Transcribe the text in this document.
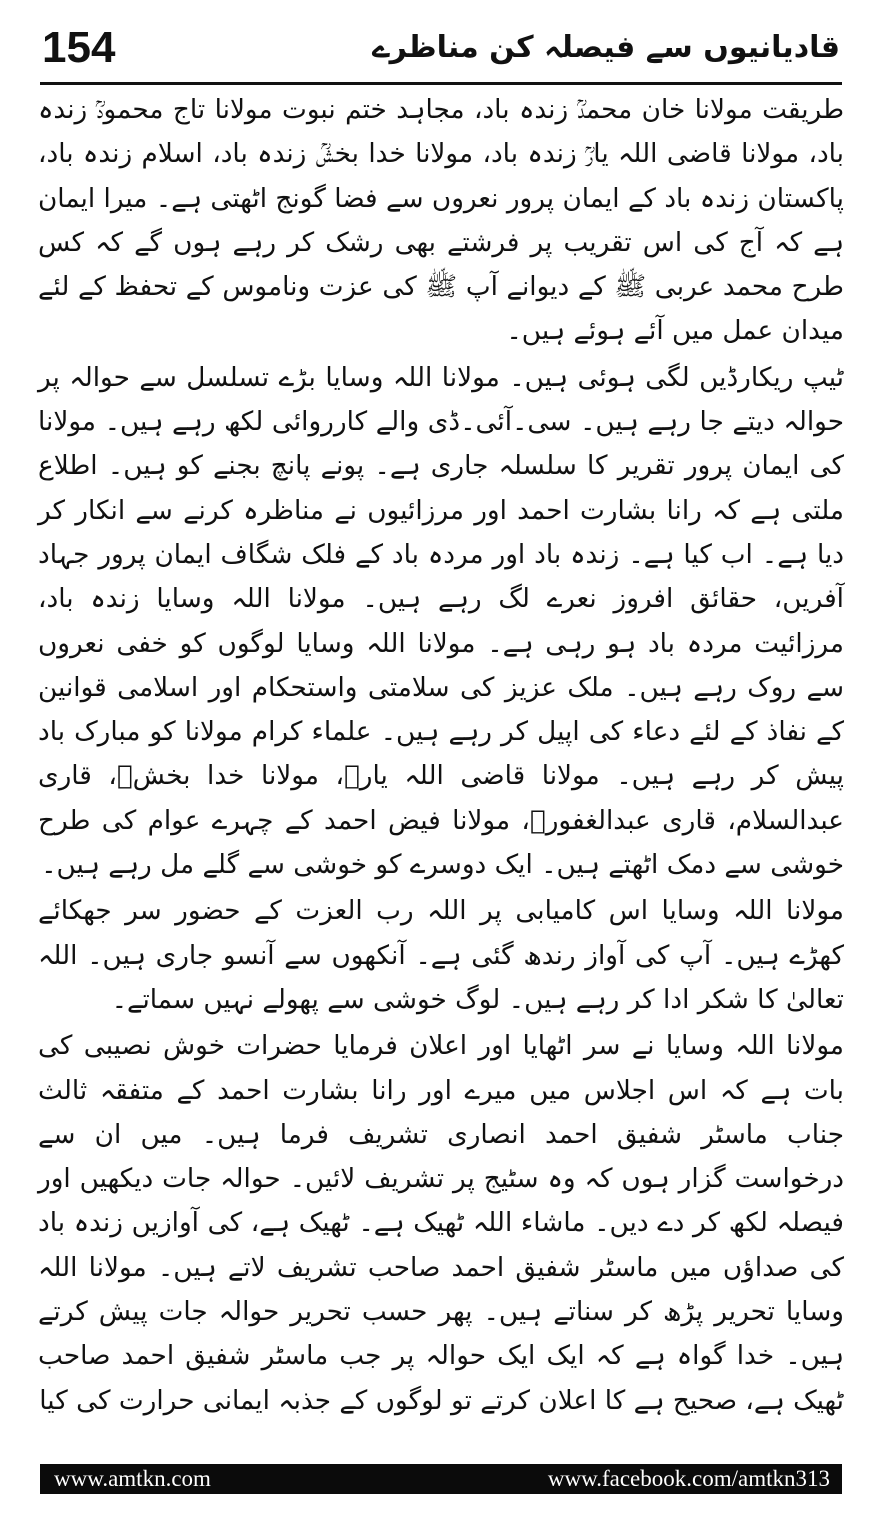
154	قادیانیوں سے فیصلہ کن مناظرے

طریقت مولانا خان محمدؒ زندہ باد، مجاہد ختم نبوت مولانا تاج محمودؒ زندہ باد، مولانا قاضی اللہ یارؒ زندہ باد، مولانا خدا بخشؒ زندہ باد، اسلام زندہ باد، پاکستان زندہ باد کے ایمان پرور نعروں سے فضا گونج اٹھتی ہے۔ میرا ایمان ہے کہ آج کی اس تقریب پر فرشتے بھی رشک کر رہے ہوں گے کہ کس طرح محمد عربی ﷺ کے دیوانے آپ ﷺ کی عزت وناموس کے تحفظ کے لئے میدان عمل میں آئے ہوئے ہیں۔

ٹیپ ریکارڈیں لگی ہوئی ہیں۔ مولانا اللہ وسایا بڑے تسلسل سے حوالہ پر حوالہ دیتے جا رہے ہیں۔ سی۔آئی۔ڈی والے کارروائی لکھ رہے ہیں۔ مولانا کی ایمان پرور تقریر کا سلسلہ جاری ہے۔ پونے پانچ بجنے کو ہیں۔ اطلاع ملتی ہے کہ رانا بشارت احمد اور مرزائیوں نے مناظرہ کرنے سے انکار کر دیا ہے۔ اب کیا ہے۔ زندہ باد اور مردہ باد کے فلک شگاف ایمان پرور جہاد آفریں، حقائق افروز نعرے لگ رہے ہیں۔ مولانا اللہ وسایا زندہ باد، مرزائیت مردہ باد ہو رہی ہے۔ مولانا اللہ وسایا لوگوں کو خفی نعروں سے روک رہے ہیں۔ ملک عزیز کی سلامتی واستحکام اور اسلامی قوانین کے نفاذ کے لئے دعاء کی اپیل کر رہے ہیں۔ علماء کرام مولانا کو مبارک باد پیش کر رہے ہیں۔ مولانا قاضی اللہ یارؒ، مولانا خدا بخشؒ، قاری عبدالسلام، قاری عبدالغفورؒ، مولانا فیض احمد کے چہرے عوام کی طرح خوشی سے دمک اٹھتے ہیں۔ ایک دوسرے کو خوشی سے گلے مل رہے ہیں۔

مولانا اللہ وسایا اس کامیابی پر اللہ رب العزت کے حضور سر جھکائے کھڑے ہیں۔ آپ کی آواز رندھ گئی ہے۔ آنکھوں سے آنسو جاری ہیں۔ اللہ تعالیٰ کا شکر ادا کر رہے ہیں۔ لوگ خوشی سے پھولے نہیں سماتے۔

مولانا اللہ وسایا نے سر اٹھایا اور اعلان فرمایا حضرات خوش نصیبی کی بات ہے کہ اس اجلاس میں میرے اور رانا بشارت احمد کے متفقہ ثالث جناب ماسٹر شفیق احمد انصاری تشریف فرما ہیں۔ میں ان سے درخواست گزار ہوں کہ وہ سٹیج پر تشریف لائیں۔ حوالہ جات دیکھیں اور فیصلہ لکھ کر دے دیں۔ ماشاء اللہ ٹھیک ہے۔ ٹھیک ہے، کی آوازیں زندہ باد کی صداؤں میں ماسٹر شفیق احمد صاحب تشریف لاتے ہیں۔ مولانا اللہ وسایا تحریر پڑھ کر سناتے ہیں۔ پھر حسب تحریر حوالہ جات پیش کرتے ہیں۔ خدا گواہ ہے کہ ایک ایک حوالہ پر جب ماسٹر شفیق احمد صاحب ٹھیک ہے، صحیح ہے کا اعلان کرتے تو لوگوں کے جذبہ ایمانی حرارت کی کیا

www.amtkn.com	www.facebook.com/amtkn313
